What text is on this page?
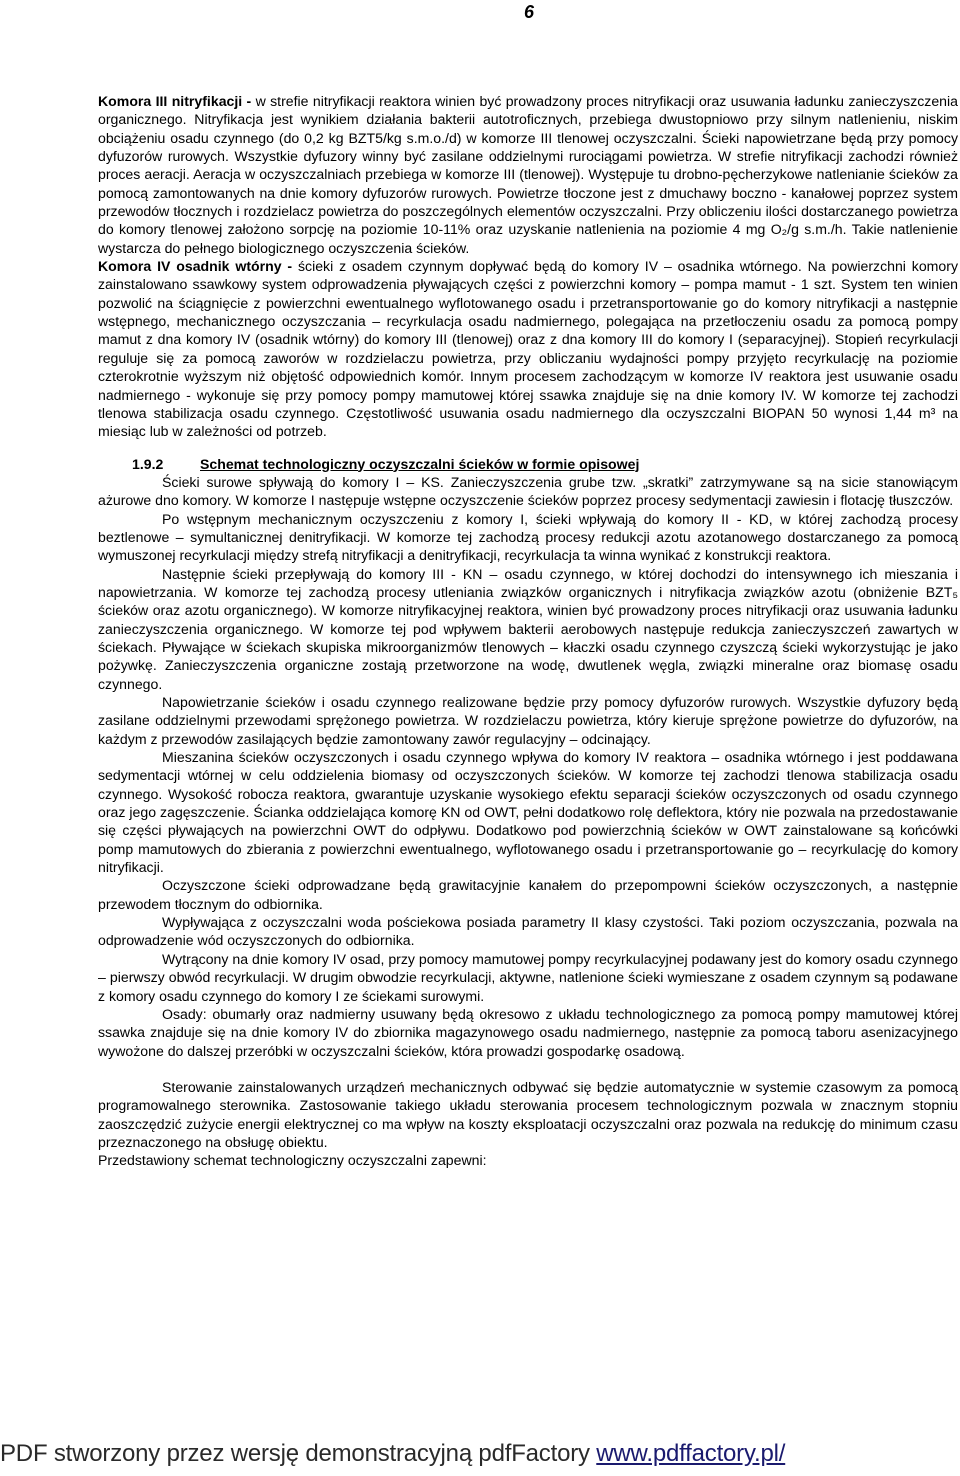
6

Komora III nitryfikacji - w strefie nitryfikacji reaktora winien być prowadzony proces nitryfikacji oraz usuwania ładunku zanieczyszczenia organicznego. Nitryfikacja jest wynikiem działania bakterii autotroficznych, przebiega dwustopniowo przy silnym natlenieniu, niskim obciążeniu osadu czynnego (do 0,2 kg BZT5/kg s.m.o./d) w komorze III tlenowej oczyszczalni. Ścieki napowietrzane będą przy pomocy dyfuzorów rurowych. Wszystkie dyfuzory winny być zasilane oddzielnymi rurociągami powietrza. W strefie nitryfikacji zachodzi również proces aeracji. Aeracja w oczyszczalniach przebiega w komorze III (tlenowej). Występuje tu drobno-pęcherzykowe natlenianie ścieków za pomocą zamontowanych na dnie komory dyfuzorów rurowych. Powietrze tłoczone jest z dmuchawy boczno - kanałowej poprzez system przewodów tłocznych i rozdzielacz powietrza do poszczególnych elementów oczyszczalni. Przy obliczeniu ilości dostarczanego powietrza do komory tlenowej założono sorpcję na poziomie 10-11% oraz uzyskanie natlenienia na poziomie 4 mg O₂/g s.m./h. Takie natlenienie wystarcza do pełnego biologicznego oczyszczenia ścieków.

Komora IV osadnik wtórny - ścieki z osadem czynnym dopływać będą do komory IV – osadnika wtórnego. Na powierzchni komory zainstalowano ssawkowy system odprowadzenia pływających części z powierzchni komory – pompa mamut - 1 szt. System ten winien pozwolić na ściągnięcie z powierzchni ewentualnego wyflotowanego osadu i przetransportowanie go do komory nitryfikacji a następnie wstępnego, mechanicznego oczyszczania – recyrkulacja osadu nadmiernego, polegająca na przetłoczeniu osadu za pomocą pompy mamut z dna komory IV (osadnik wtórny) do komory III (tlenowej) oraz z dna komory III do komory I (separacyjnej). Stopień recyrkulacji reguluje się za pomocą zaworów w rozdzielaczu powietrza, przy obliczaniu wydajności pompy przyjęto recyrkulację na poziomie czterokrotnie wyższym niż objętość odpowiednich komór. Innym procesem zachodzącym w komorze IV reaktora jest usuwanie osadu nadmiernego - wykonuje się przy pomocy pompy mamutowej której ssawka znajduje się na dnie komory IV. W komorze tej zachodzi tlenowa stabilizacja osadu czynnego. Częstotliwość usuwania osadu nadmiernego dla oczyszczalni BIOPAN 50 wynosi 1,44 m³ na miesiąc lub w zależności od potrzeb.

1.9.2	Schemat technologiczny oczyszczalni ścieków w formie opisowej

Ścieki surowe spływają do komory I – KS. Zanieczyszczenia grube tzw. „skratki” zatrzymywane są na sicie stanowiącym ażurowe dno komory. W komorze I następuje wstępne oczyszczenie ścieków poprzez procesy sedymentacji zawiesin i flotację tłuszczów.

Po wstępnym mechanicznym oczyszczeniu z komory I, ścieki wpływają do komory II - KD, w której zachodzą procesy beztlenowe – symultanicznej denitryfikacji. W komorze tej zachodzą procesy redukcji azotu azotanowego dostarczanego za pomocą wymuszonej recyrkulacji między strefą nitryfikacji a denitryfikacji, recyrkulacja ta winna wynikać z konstrukcji reaktora.

Następnie ścieki przepływają do komory III - KN – osadu czynnego, w której dochodzi do intensywnego ich mieszania i napowietrzania. W komorze tej zachodzą procesy utleniania związków organicznych i nitryfikacja związków azotu (obniżenie BZT₅ ścieków oraz azotu organicznego). W komorze nitryfikacyjnej reaktora, winien być prowadzony proces nitryfikacji oraz usuwania ładunku zanieczyszczenia organicznego. W komorze tej pod wpływem bakterii aerobowych następuje redukcja zanieczyszczeń zawartych w ściekach. Pływające w ściekach skupiska mikroorganizmów tlenowych – kłaczki osadu czynnego czyszczą ścieki wykorzystując je jako pożywkę. Zanieczyszczenia organiczne zostają przetworzone na wodę, dwutlenek węgla, związki mineralne oraz biomasę osadu czynnego.

Napowietrzanie ścieków i osadu czynnego realizowane będzie przy pomocy dyfuzorów rurowych. Wszystkie dyfuzory będą zasilane oddzielnymi przewodami sprężonego powietrza. W rozdzielaczu powietrza, który kieruje sprężone powietrze do dyfuzorów, na każdym z przewodów zasilających będzie zamontowany zawór regulacyjny – odcinający.

Mieszanina ścieków oczyszczonych i osadu czynnego wpływa do komory IV reaktora – osadnika wtórnego i jest poddawana sedymentacji wtórnej w celu oddzielenia biomasy od oczyszczonych ścieków. W komorze tej zachodzi tlenowa stabilizacja osadu czynnego. Wysokość robocza reaktora, gwarantuje uzyskanie wysokiego efektu separacji ścieków oczyszczonych od osadu czynnego oraz jego zagęszczenie. Ścianka oddzielająca komorę KN od OWT, pełni dodatkowo rolę deflektora, który nie pozwala na przedostawanie się części pływających na powierzchni OWT do odpływu. Dodatkowo pod powierzchnią ścieków w OWT zainstalowane są końcówki pomp mamutowych do zbierania z powierzchni ewentualnego, wyflotowanego osadu i przetransportowanie go – recyrkulację do komory nitryfikacji.

Oczyszczone ścieki odprowadzane będą grawitacyjnie kanałem do przepompowni ścieków oczyszczonych, a następnie przewodem tłocznym do odbiornika.

Wypływająca z oczyszczalni woda pościekowa posiada parametry II klasy czystości. Taki poziom oczyszczania, pozwala na odprowadzenie wód oczyszczonych do odbiornika.

Wytrącony na dnie komory IV osad, przy pomocy mamutowej pompy recyrkulacyjnej podawany jest do komory osadu czynnego – pierwszy obwód recyrkulacji. W drugim obwodzie recyrkulacji, aktywne, natlenione ścieki wymieszane z osadem czynnym są podawane z komory osadu czynnego do komory I ze ściekami surowymi.

Osady: obumarły oraz nadmierny usuwany będą okresowo z układu technologicznego za pomocą pompy mamutowej której ssawka znajduje się na dnie komory IV do zbiornika magazynowego osadu nadmiernego, następnie za pomocą taboru asenizacyjnego wywożone do dalszej przeróbki w oczyszczalni ścieków, która prowadzi gospodarkę osadową.

Sterowanie zainstalowanych urządzeń mechanicznych odbywać się będzie automatycznie w systemie czasowym za pomocą programowalnego sterownika. Zastosowanie takiego układu sterowania procesem technologicznym pozwala w znacznym stopniu zaoszczędzić zużycie energii elektrycznej co ma wpływ na koszty eksploatacji oczyszczalni oraz pozwala na redukcję do minimum czasu przeznaczonego na obsługę obiektu.

Przedstawiony schemat technologiczny oczyszczalni zapewni:

PDF stworzony przez wersję demonstracyjną pdfFactory www.pdffactory.pl/
